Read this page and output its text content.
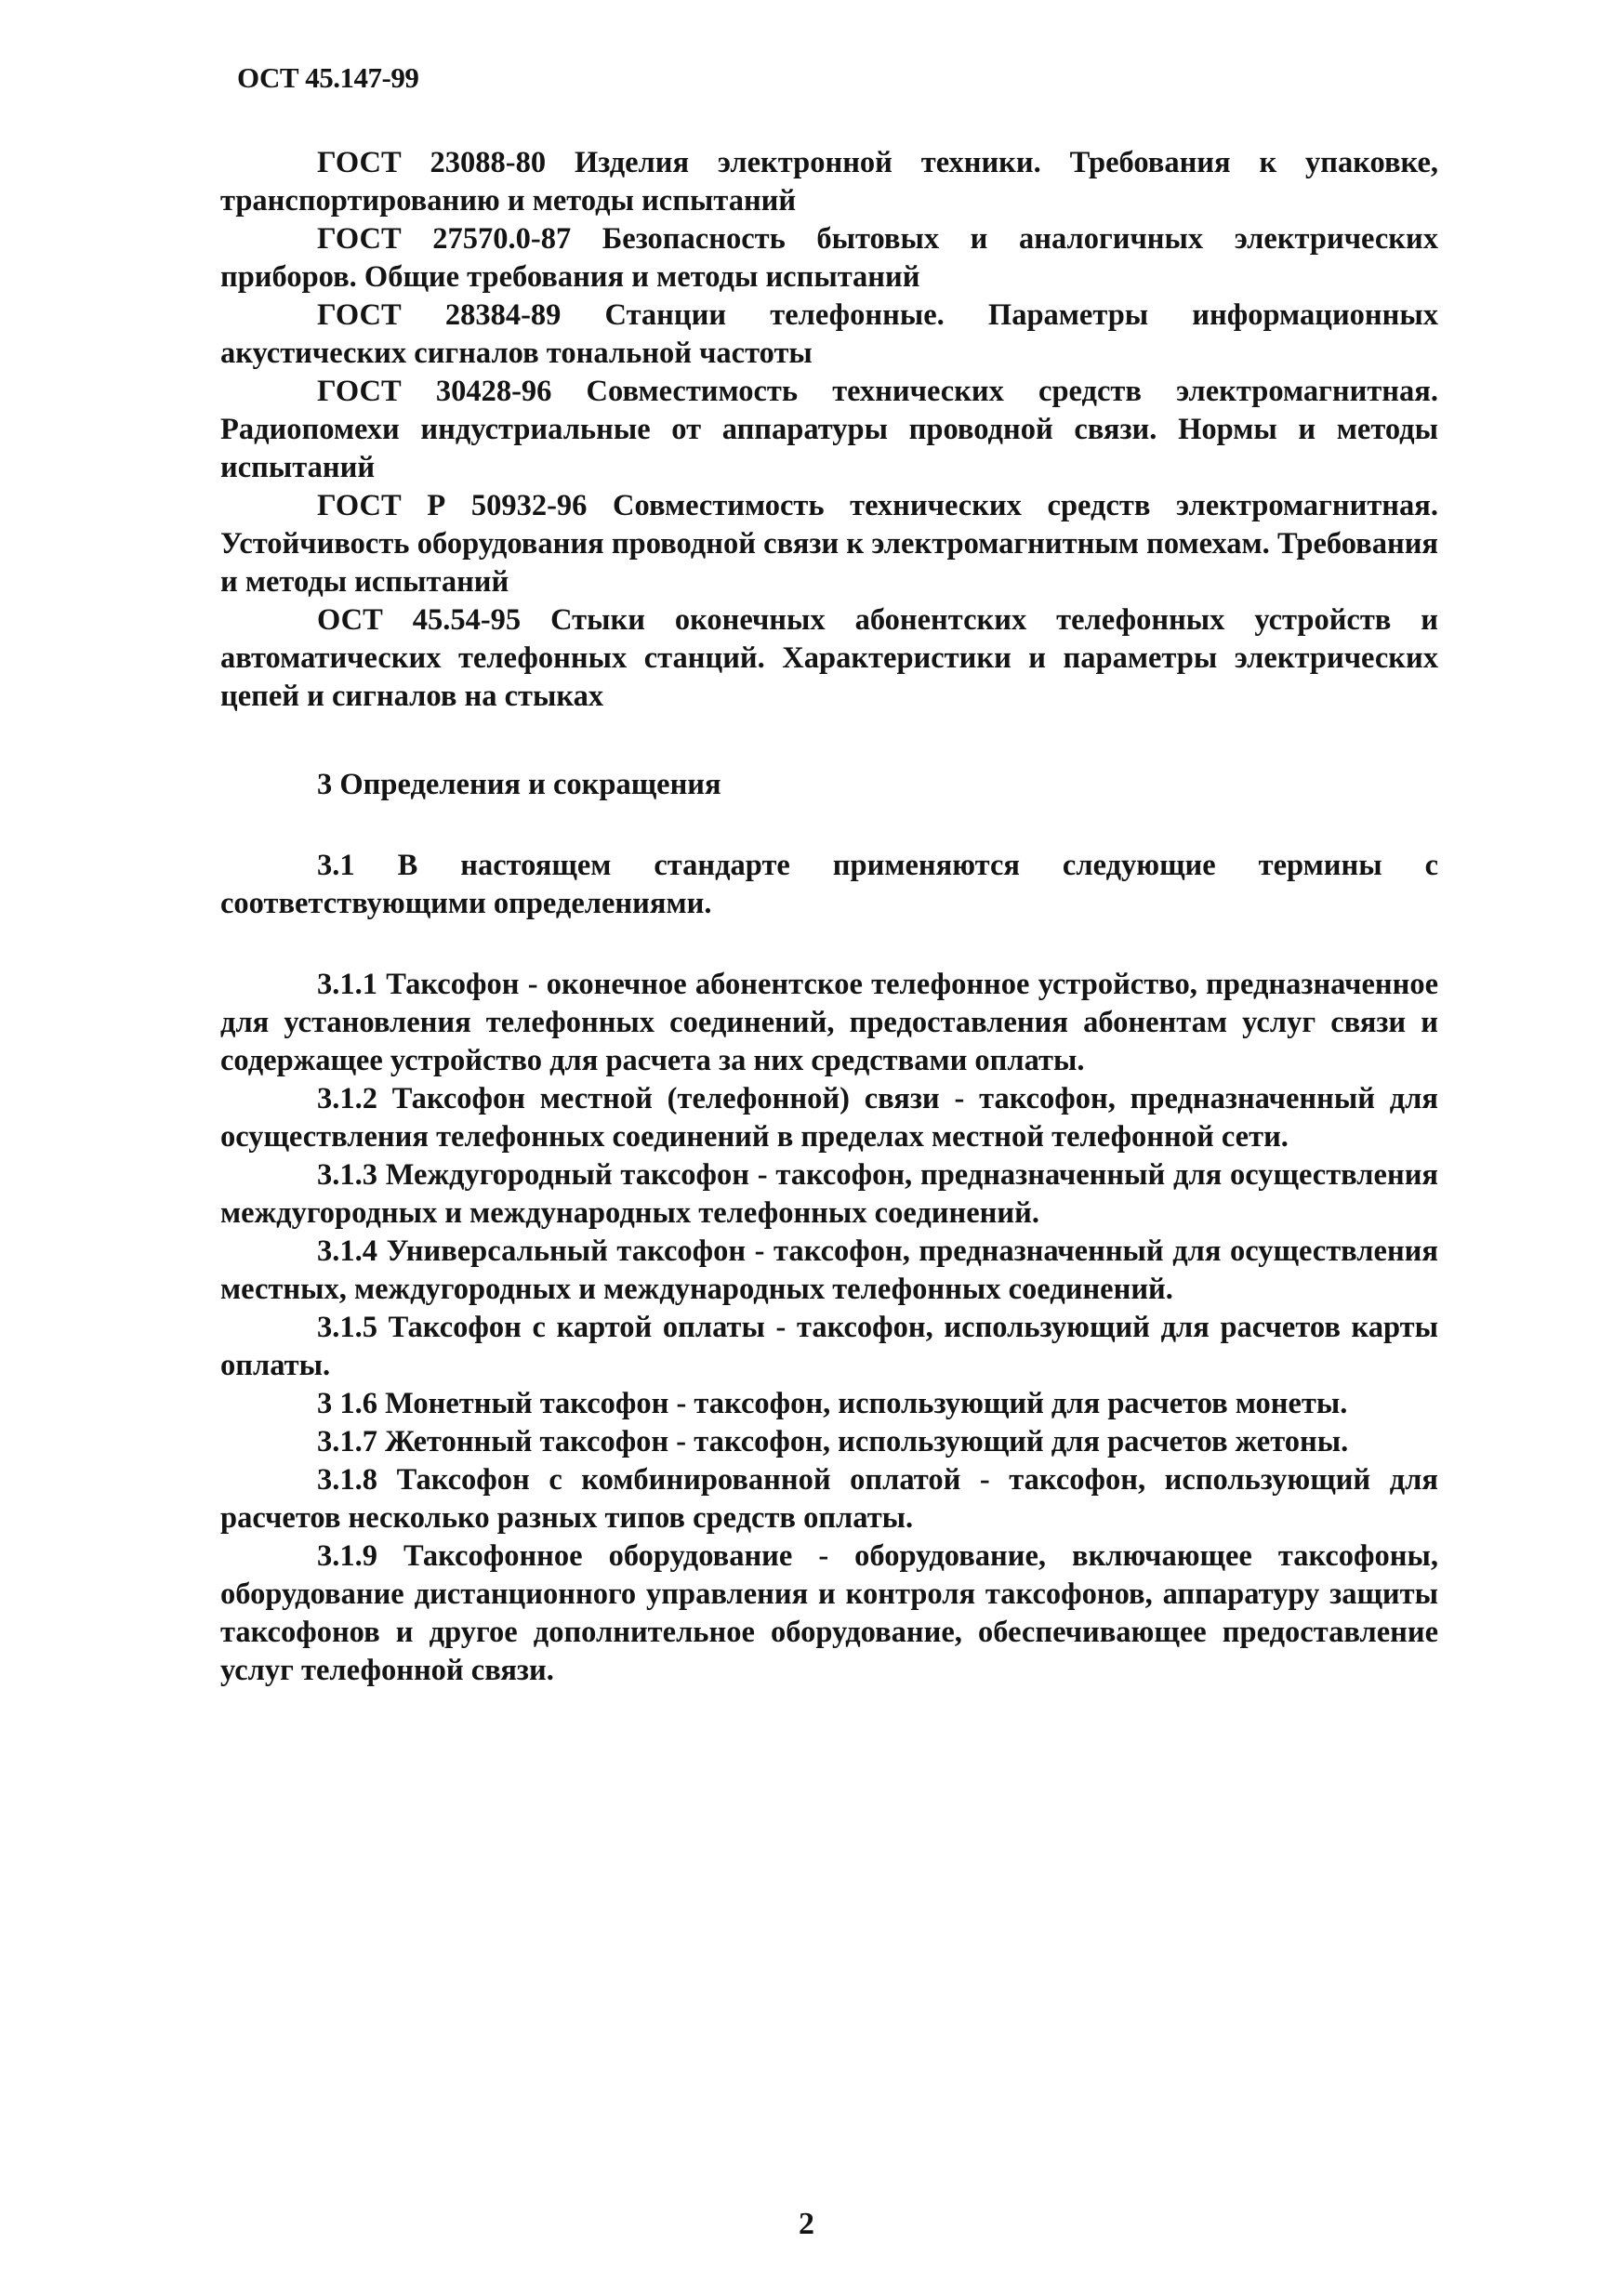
ОСТ 45.147-99

ГОСТ 23088-80 Изделия электронной техники. Требования к упаковке, транспортированию и методы испытаний

ГОСТ 27570.0-87 Безопасность бытовых и аналогичных электрических приборов. Общие требования и методы испытаний

ГОСТ 28384-89 Станции телефонные. Параметры информационных акустических сигналов тональной частоты

ГОСТ 30428-96 Совместимость технических средств электромагнитная. Радиопомехи индустриальные от аппаратуры проводной связи. Нормы и методы испытаний

ГОСТ Р 50932-96 Совместимость технических средств электромагнитная. Устойчивость оборудования проводной связи к электромагнитным помехам. Требования и методы испытаний

ОСТ 45.54-95 Стыки оконечных абонентских телефонных устройств и автоматических телефонных станций. Характеристики и параметры электрических цепей и сигналов на стыках

3 Определения и сокращения

3.1 В настоящем стандарте применяются следующие термины с соответствующими определениями.

3.1.1 Таксофон - оконечное абонентское телефонное устройство, предназначенное для установления телефонных соединений, предоставления абонентам услуг связи и содержащее устройство для расчета за них средствами оплаты.

3.1.2 Таксофон местной (телефонной) связи - таксофон, предназначенный для осуществления телефонных соединений в пределах местной телефонной сети.

3.1.3 Междугородный таксофон - таксофон, предназначенный для осуществления междугородных и международных телефонных соединений.

3.1.4 Универсальный таксофон - таксофон, предназначенный для осуществления местных, междугородных и международных телефонных соединений.

3.1.5 Таксофон с картой оплаты - таксофон, использующий для расчетов карты оплаты.

3 1.6 Монетный таксофон - таксофон, использующий для расчетов монеты.

3.1.7 Жетонный таксофон - таксофон, использующий для расчетов жетоны.

3.1.8 Таксофон с комбинированной оплатой - таксофон, использующий для расчетов несколько разных типов средств оплаты.

3.1.9 Таксофонное оборудование - оборудование, включающее таксофоны, оборудование дистанционного управления и контроля таксофонов, аппаратуру защиты таксофонов и другое дополнительное оборудование, обеспечивающее предоставление услуг телефонной связи.

2
